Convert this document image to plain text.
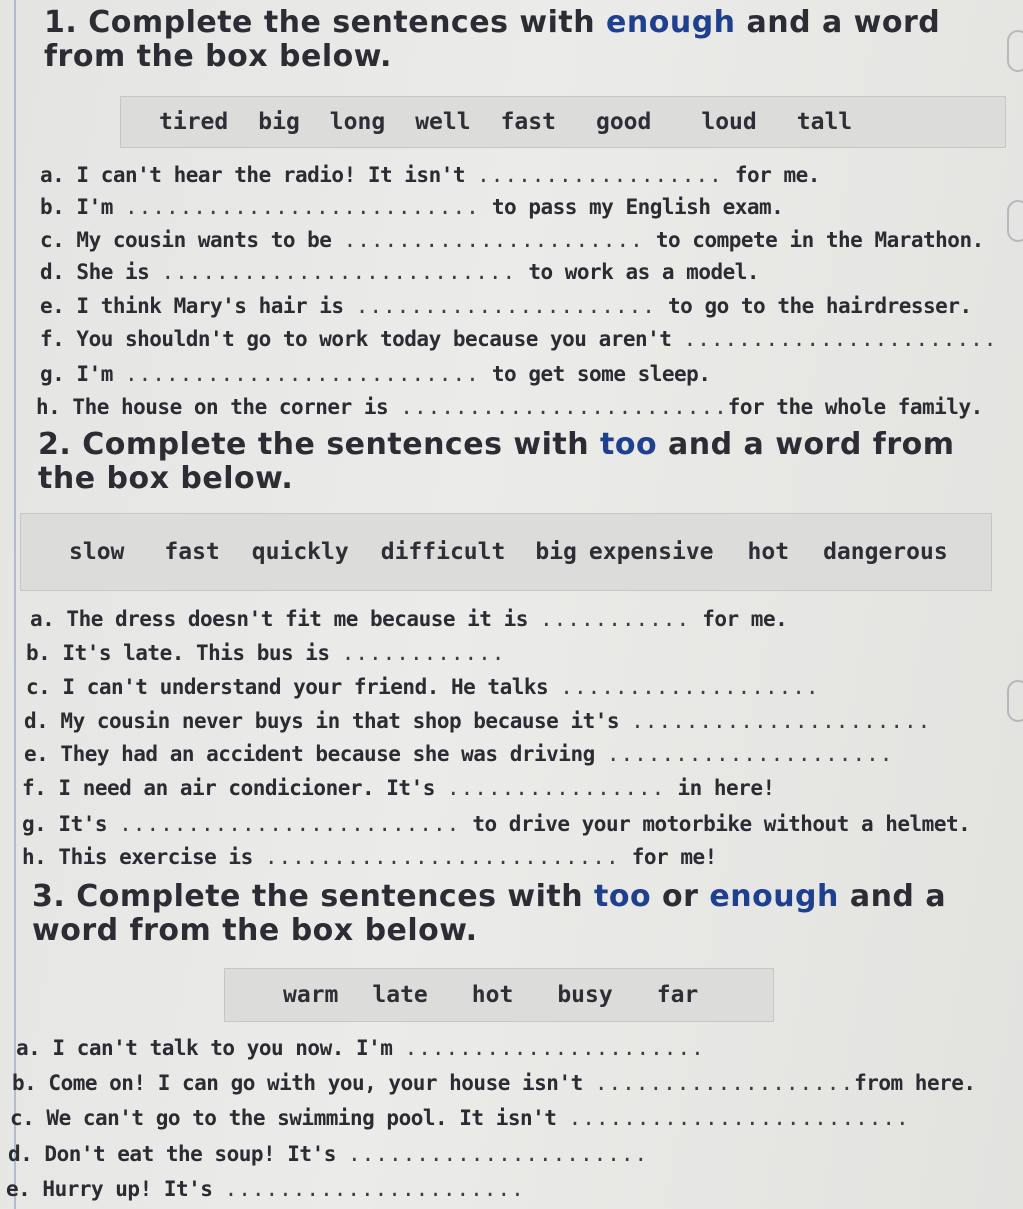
1. Complete the sentences with enough and a word from the box below.
tired big long well fast good loud tall
a. I can't hear the radio! It isn't .................. for me.
b. I'm .......................... to pass my English exam.
c. My cousin wants to be ...................... to compete in the Marathon.
d. She is .......................... to work as a model.
e. I think Mary's hair is ...................... to go to the hairdresser.
f. You shouldn't go to work today because you aren't .......................
g. I'm .......................... to get some sleep.
h. The house on the corner is ........................for the whole family.
2. Complete the sentences with too and a word from the box below.
slow fast quickly difficult big expensive hot dangerous
a. The dress doesn't fit me because it is ........... for me.
b. It's late. This bus is ............
c. I can't understand your friend. He talks ...................
d. My cousin never buys in that shop because it's ......................
e. They had an accident because she was driving .....................
f. I need an air condicioner. It's ................ in here!
g. It's ......................... to drive your motorbike without a helmet.
h. This exercise is .......................... for me!
3. Complete the sentences with too or enough and a word from the box below.
warm late hot busy far
a. I can't talk to you now. I'm ......................
b. Come on! I can go with you, your house isn't ...................from here.
c. We can't go to the swimming pool. It isn't .........................
d. Don't eat the soup! It's ......................
e. Hurry up! It's ......................
